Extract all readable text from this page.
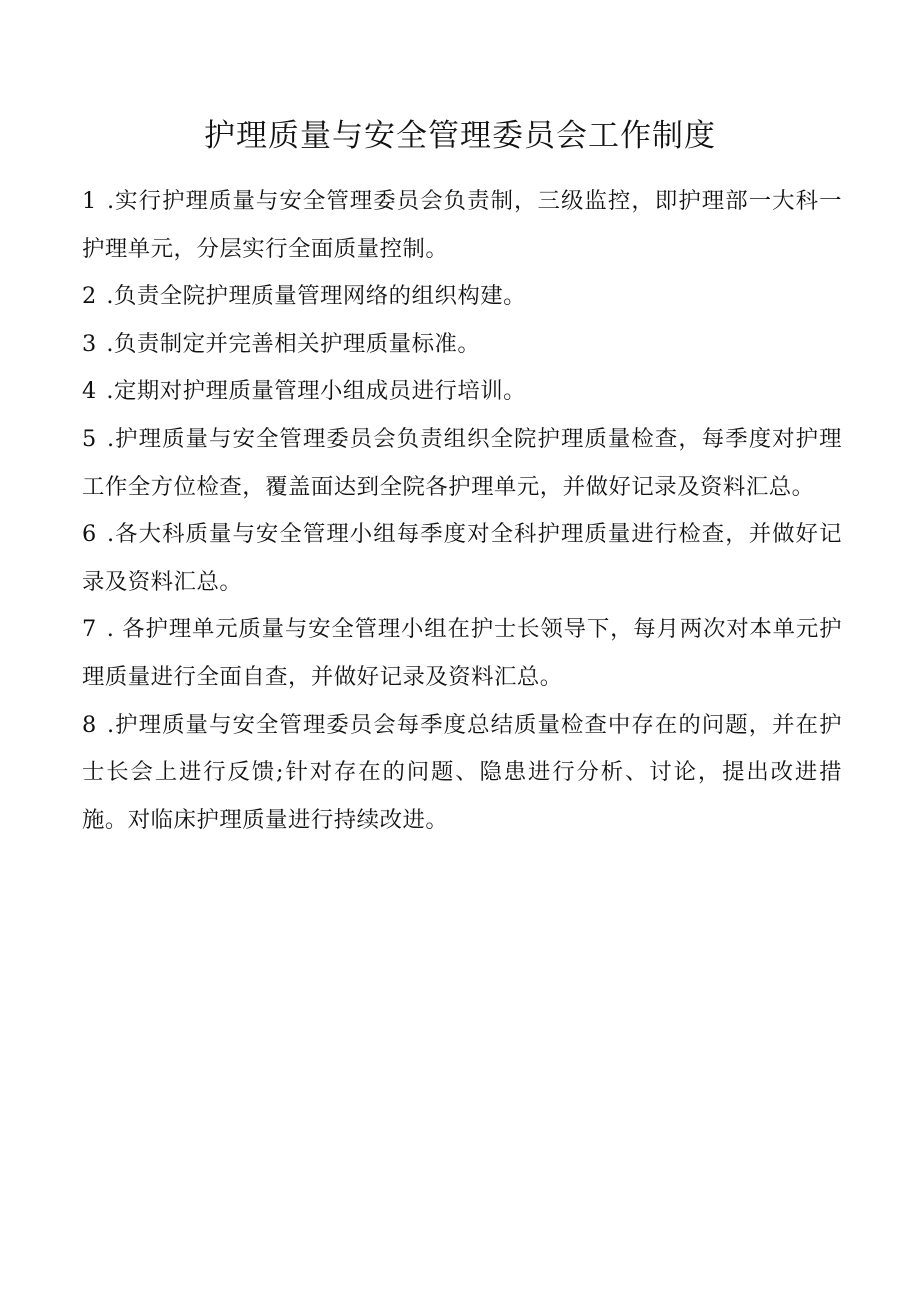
护理质量与安全管理委员会工作制度
1 .实行护理质量与安全管理委员会负责制，三级监控，即护理部一大科一护理单元，分层实行全面质量控制。
2 .负责全院护理质量管理网络的组织构建。
3 .负责制定并完善相关护理质量标准。
4 .定期对护理质量管理小组成员进行培训。
5 .护理质量与安全管理委员会负责组织全院护理质量检查，每季度对护理工作全方位检查，覆盖面达到全院各护理单元，并做好记录及资料汇总。
6 .各大科质量与安全管理小组每季度对全科护理质量进行检查，并做好记录及资料汇总。
7 . 各护理单元质量与安全管理小组在护士长领导下，每月两次对本单元护理质量进行全面自查，并做好记录及资料汇总。
8 .护理质量与安全管理委员会每季度总结质量检查中存在的问题，并在护士长会上进行反馈;针对存在的问题、隐患进行分析、讨论，提出改进措施。对临床护理质量进行持续改进。
